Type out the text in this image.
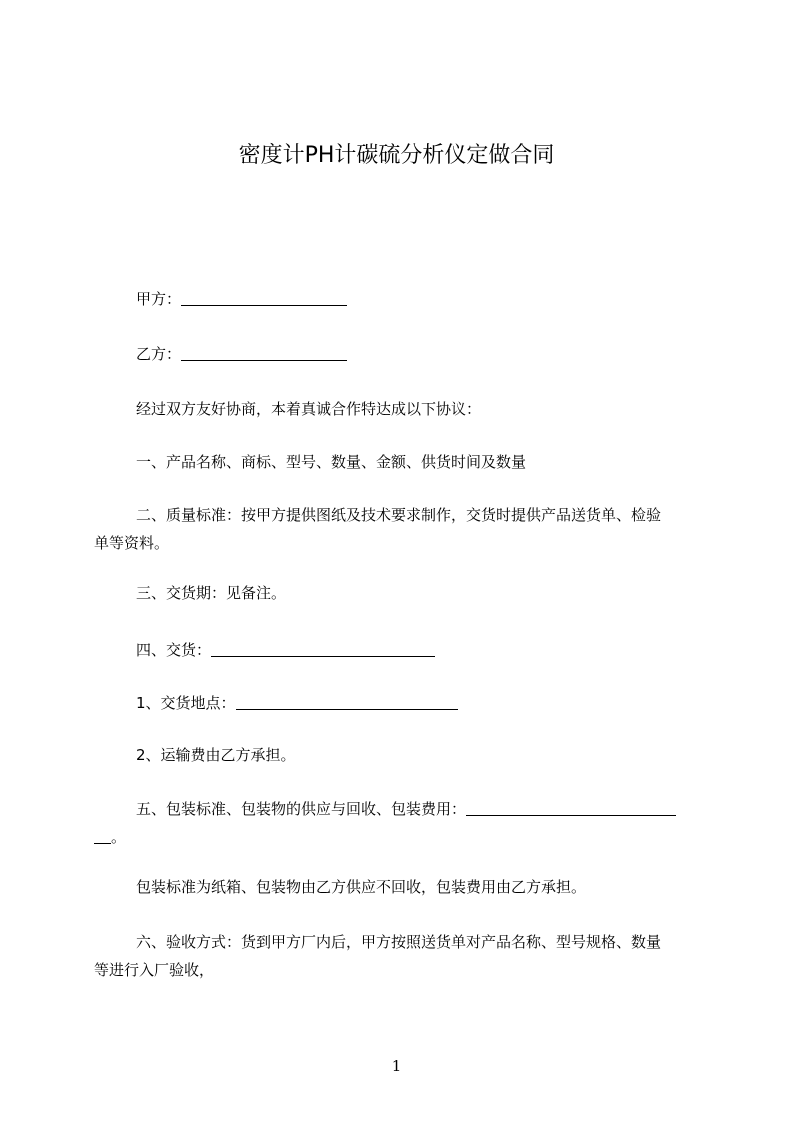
密度计PH计碳硫分析仪定做合同
甲方：
乙方：
经过双方友好协商，本着真诚合作特达成以下协议：
一、产品名称、商标、型号、数量、金额、供货时间及数量
二、质量标准：按甲方提供图纸及技术要求制作，交货时提供产品送货单、检验
单等资料。
三、交货期：见备注。
四、交货：
1、交货地点：
2、运输费由乙方承担。
五、包装标准、包装物的供应与回收、包装费用：
。
包装标准为纸箱、包装物由乙方供应不回收，包装费用由乙方承担。
六、验收方式：货到甲方厂内后，甲方按照送货单对产品名称、型号规格、数量
等进行入厂验收，
1
